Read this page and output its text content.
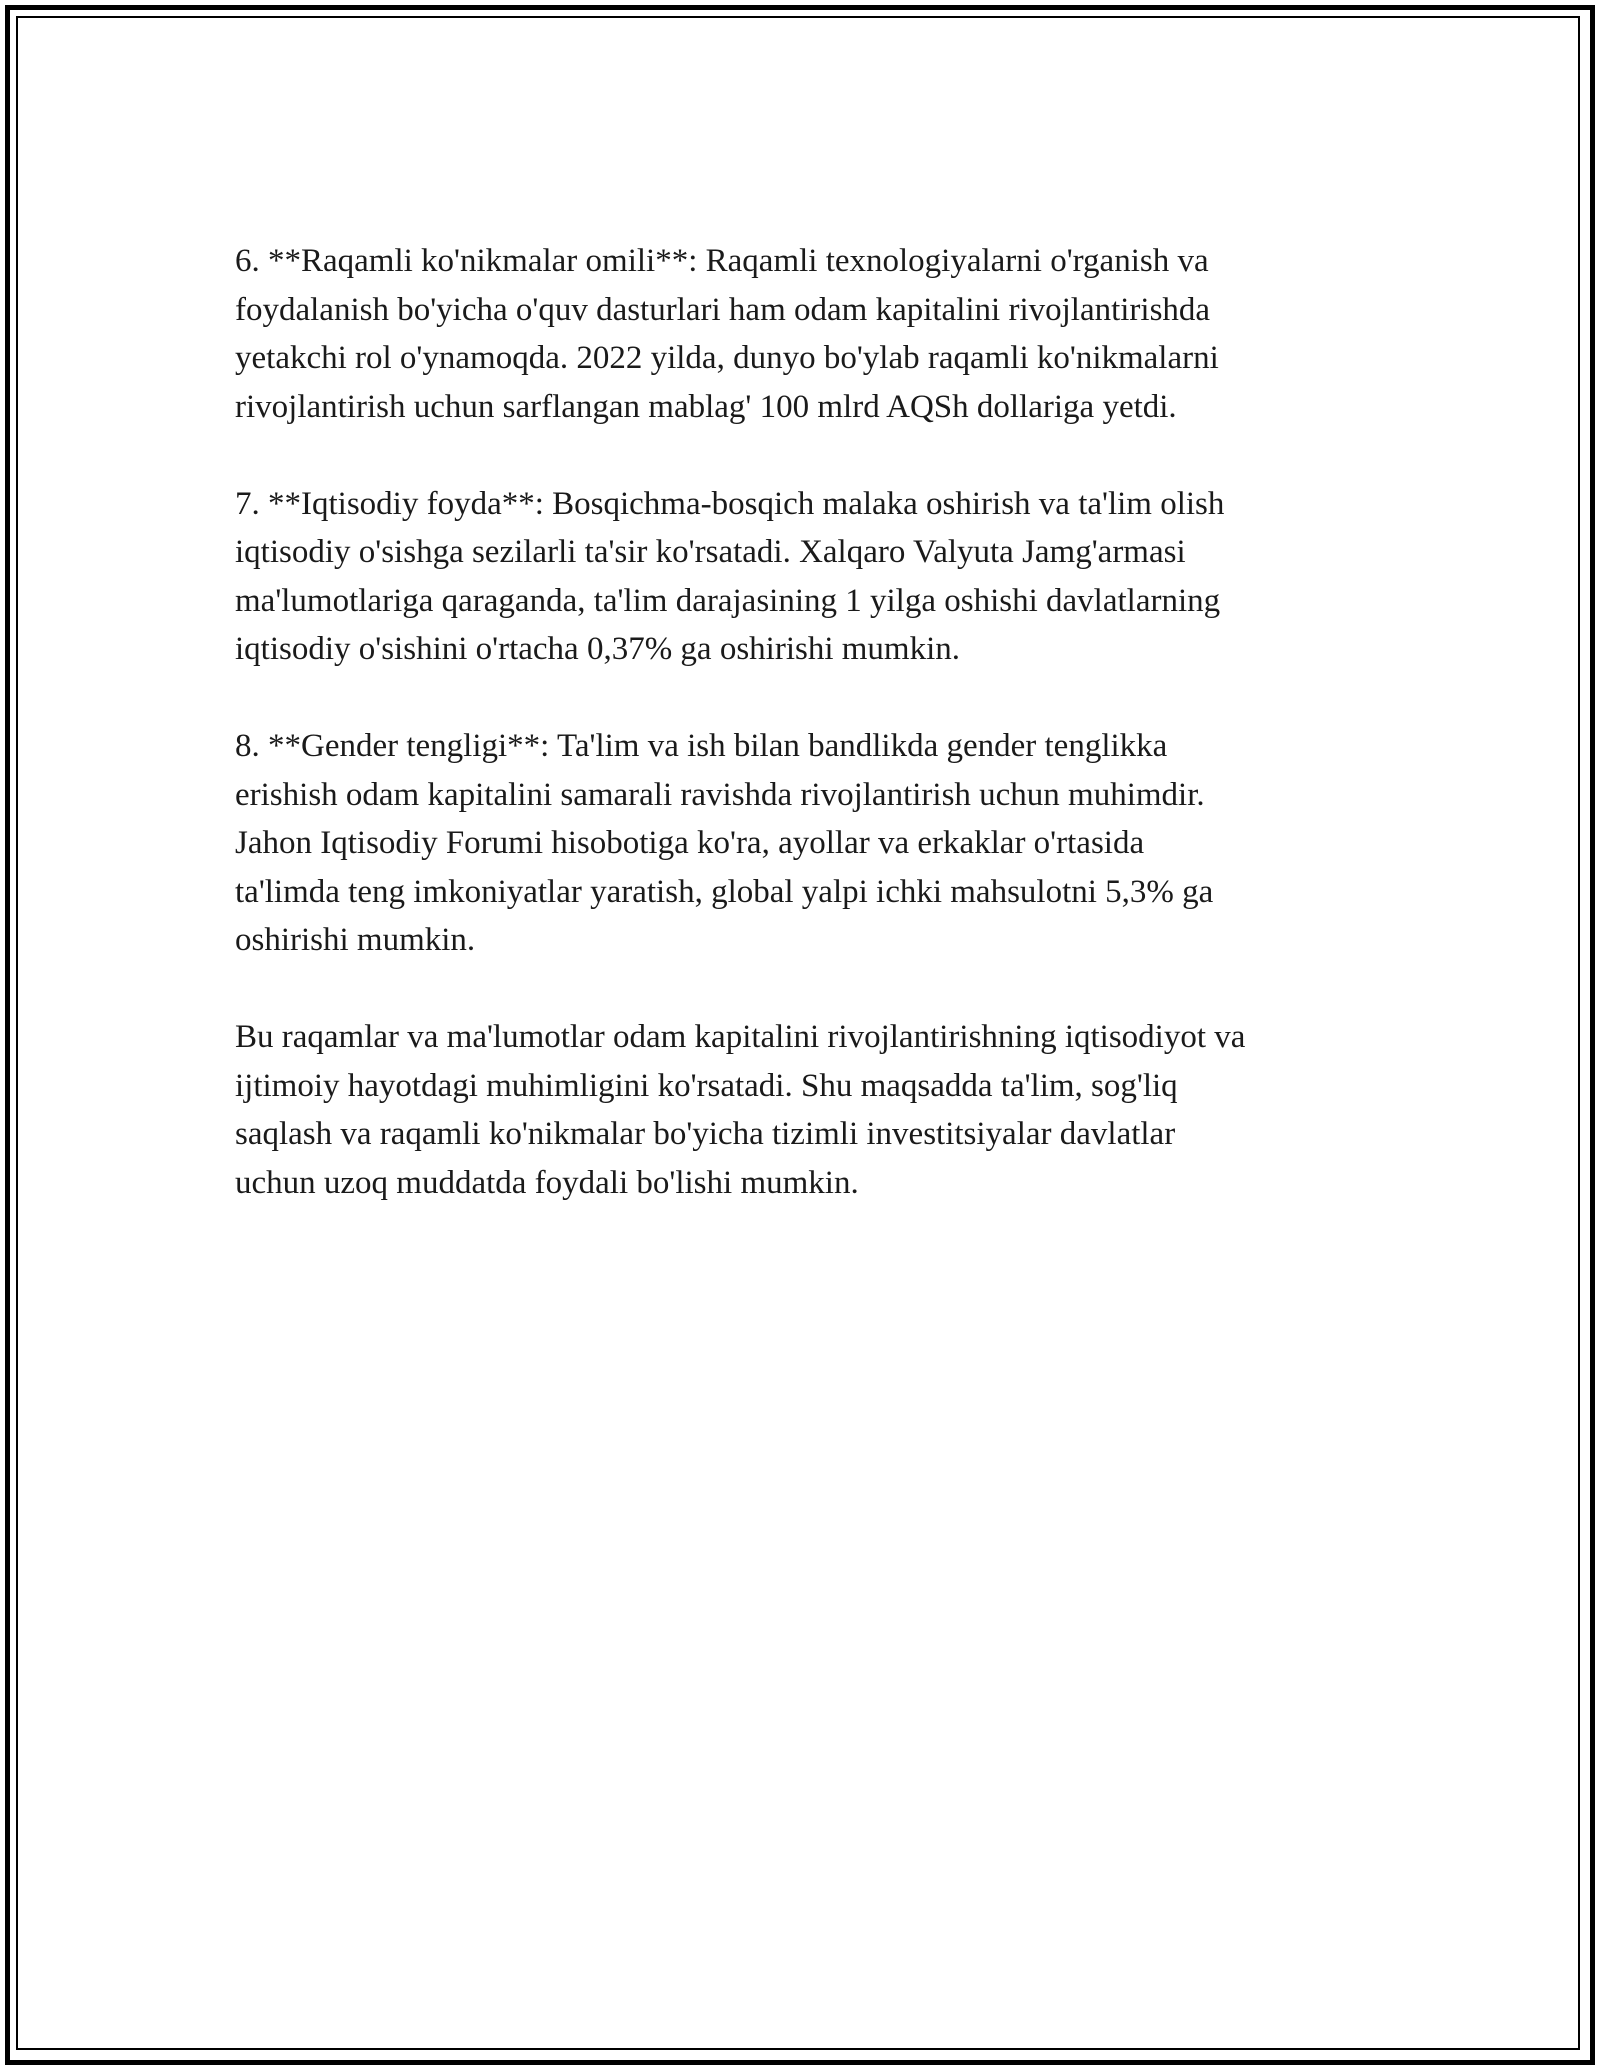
6. **Raqamli ko'nikmalar omili**: Raqamli texnologiyalarni o'rganish va
foydalanish bo'yicha o'quv dasturlari ham odam kapitalini rivojlantirishda
yetakchi rol o'ynamoqda. 2022 yilda, dunyo bo'ylab raqamli ko'nikmalarni
rivojlantirish uchun sarflangan mablag' 100 mlrd AQSh dollariga yetdi.

7. **Iqtisodiy foyda**: Bosqichma-bosqich malaka oshirish va ta'lim olish
iqtisodiy o'sishga sezilarli ta'sir ko'rsatadi. Xalqaro Valyuta Jamg'armasi
ma'lumotlariga qaraganda, ta'lim darajasining 1 yilga oshishi davlatlarning
iqtisodiy o'sishini o'rtacha 0,37% ga oshirishi mumkin.

8. **Gender tengligi**: Ta'lim va ish bilan bandlikda gender tenglikka
erishish odam kapitalini samarali ravishda rivojlantirish uchun muhimdir.
Jahon Iqtisodiy Forumi hisobotiga ko'ra, ayollar va erkaklar o'rtasida
ta'limda teng imkoniyatlar yaratish, global yalpi ichki mahsulotni 5,3% ga
oshirishi mumkin.

Bu raqamlar va ma'lumotlar odam kapitalini rivojlantirishning iqtisodiyot va
ijtimoiy hayotdagi muhimligini ko'rsatadi. Shu maqsadda ta'lim, sog'liq
saqlash va raqamli ko'nikmalar bo'yicha tizimli investitsiyalar davlatlar
uchun uzoq muddatda foydali bo'lishi mumkin.
